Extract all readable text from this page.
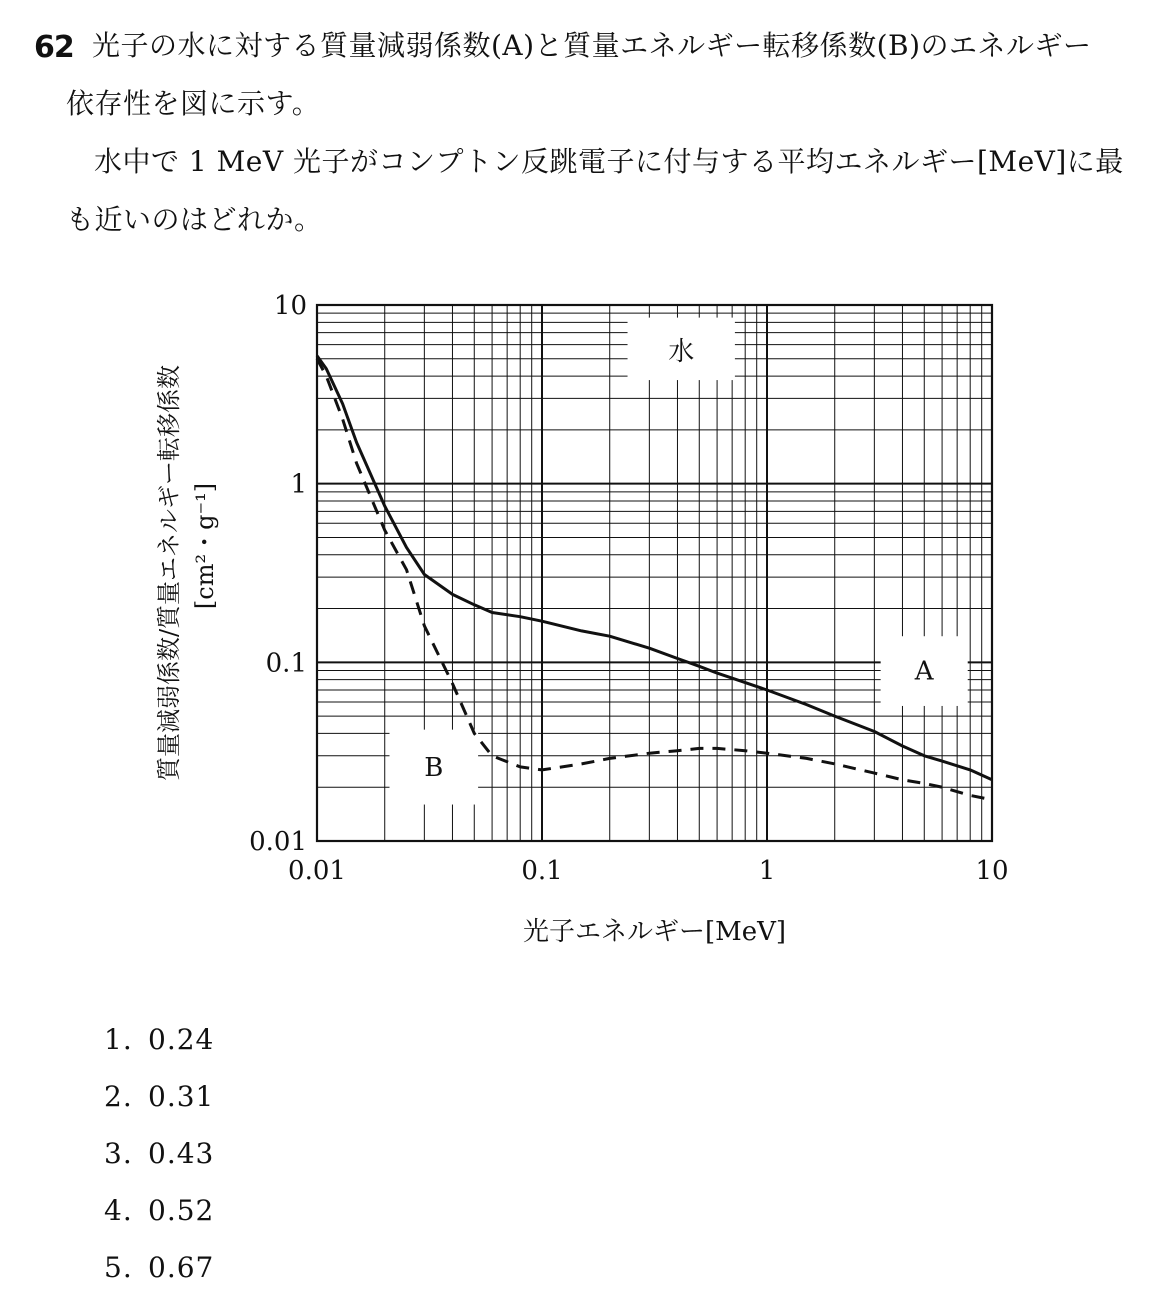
62 光子の水に対する質量減弱係数(A)と質量エネルギー転移係数(B)のエネルギー
依存性を図に示す。
水中で 1 MeV 光子がコンプトン反跳電子に付与する平均エネルギー[MeV]に最
も近いのはどれか。
10
1
0.1
0.01
0.01	0.1	1	10
水
A
B
光子エネルギー[MeV]
質量減弱係数/質量エネルギー転移係数 [cm²・g⁻¹]
1. 0.24
2. 0.31
3. 0.43
4. 0.52
5. 0.67
